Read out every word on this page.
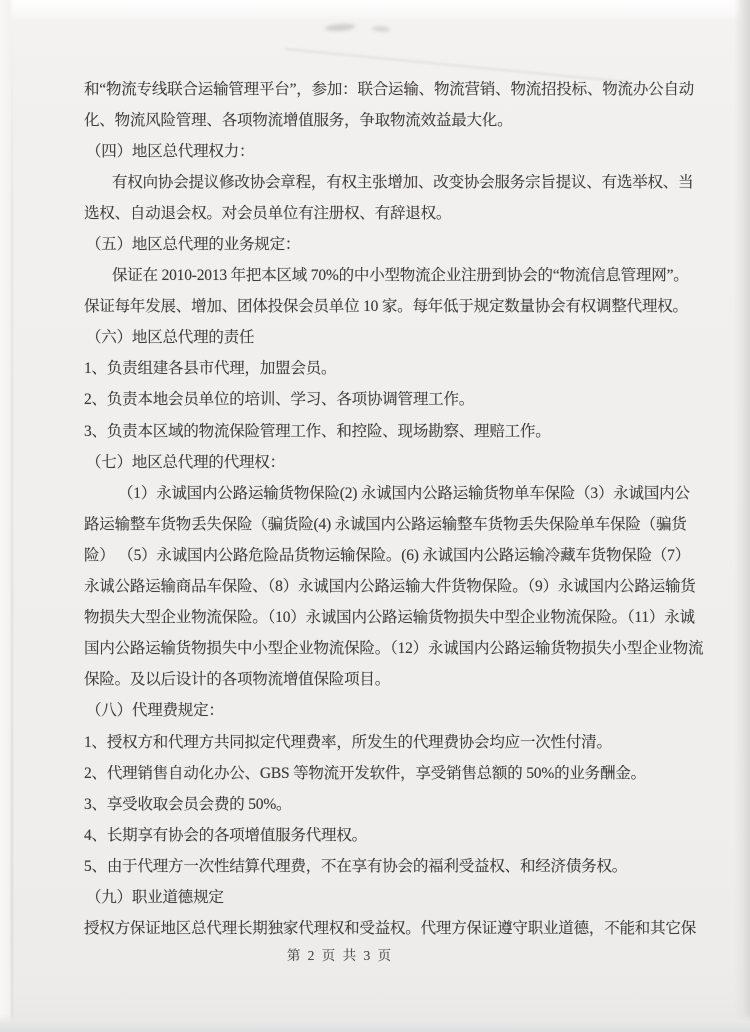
和“物流专线联合运输管理平台”，参加：联合运输、物流营销、物流招投标、物流办公自动
化、物流风险管理、各项物流增值服务，争取物流效益最大化。
（四）地区总代理权力：
有权向协会提议修改协会章程，有权主张增加、改变协会服务宗旨提议、有选举权、当
选权、自动退会权。对会员单位有注册权、有辞退权。
（五）地区总代理的业务规定：
保证在 2010-2013 年把本区域 70%的中小型物流企业注册到协会的“物流信息管理网”。
保证每年发展、增加、团体投保会员单位 10 家。每年低于规定数量协会有权调整代理权。
（六）地区总代理的责任
1、负责组建各县市代理，加盟会员。
2、负责本地会员单位的培训、学习、各项协调管理工作。
3、负责本区域的物流保险管理工作、和控险、现场勘察、理赔工作。
（七）地区总代理的代理权：
（1）永诚国内公路运输货物保险(2) 永诚国内公路运输货物单车保险（3）永诚国内公
路运输整车货物丢失保险（骗货险(4) 永诚国内公路运输整车货物丢失保险单车保险（骗货
险） （5）永诚国内公路危险品货物运输保险。(6) 永诚国内公路运输冷藏车货物保险（7）
永诚公路运输商品车保险、（8）永诚国内公路运输大件货物保险。（9）永诚国内公路运输货
物损失大型企业物流保险。（10）永诚国内公路运输货物损失中型企业物流保险。（11）永诚
国内公路运输货物损失中小型企业物流保险。（12）永诚国内公路运输货物损失小型企业物流
保险。及以后设计的各项物流增值保险项目。
（八）代理费规定：
1、授权方和代理方共同拟定代理费率，所发生的代理费协会均应一次性付清。
2、代理销售自动化办公、GBS 等物流开发软件，享受销售总额的 50%的业务酬金。
3、享受收取会员会费的 50%。
4、长期享有协会的各项增值服务代理权。
5、由于代理方一次性结算代理费，不在享有协会的福利受益权、和经济债务权。
（九）职业道德规定
授权方保证地区总代理长期独家代理权和受益权。代理方保证遵守职业道德，不能和其它保
第 2 页 共 3 页
